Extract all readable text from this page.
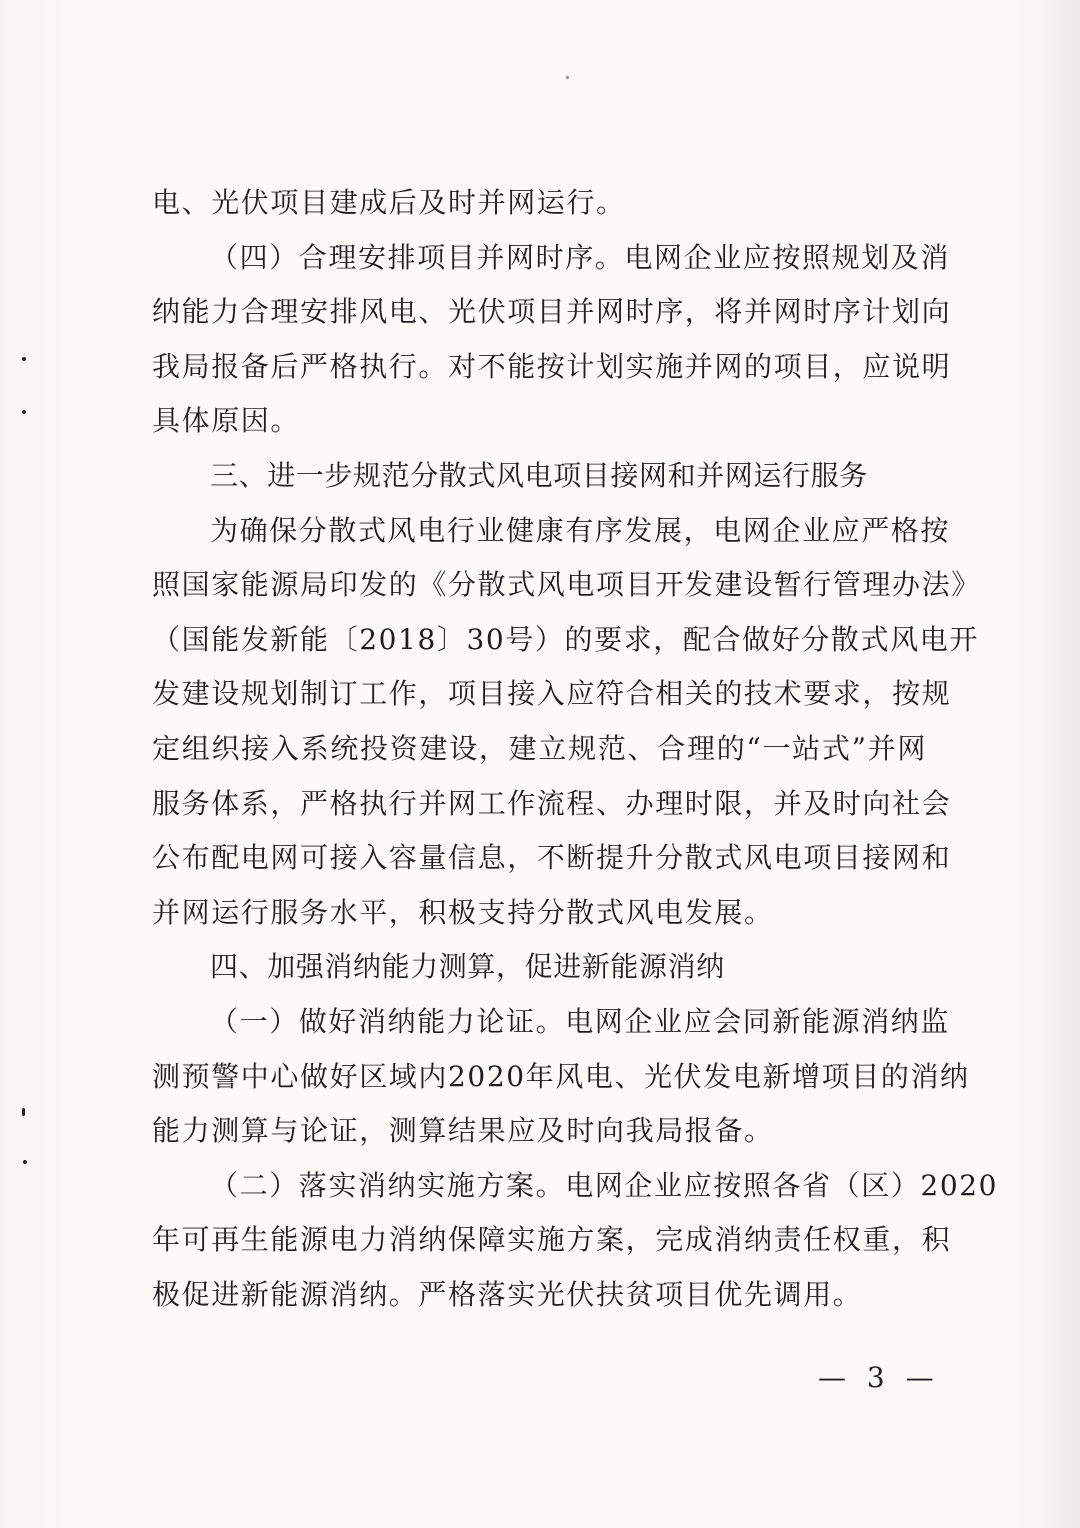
电、光伏项目建成后及时并网运行。
（四）合理安排项目并网时序。电网企业应按照规划及消
纳能力合理安排风电、光伏项目并网时序，将并网时序计划向
我局报备后严格执行。对不能按计划实施并网的项目，应说明
具体原因。
三、进一步规范分散式风电项目接网和并网运行服务
为确保分散式风电行业健康有序发展，电网企业应严格按
照国家能源局印发的《分散式风电项目开发建设暂行管理办法》
（国能发新能〔2018〕30号）的要求，配合做好分散式风电开
发建设规划制订工作，项目接入应符合相关的技术要求，按规
定组织接入系统投资建设，建立规范、合理的“一站式”并网
服务体系，严格执行并网工作流程、办理时限，并及时向社会
公布配电网可接入容量信息，不断提升分散式风电项目接网和
并网运行服务水平，积极支持分散式风电发展。
四、加强消纳能力测算，促进新能源消纳
（一）做好消纳能力论证。电网企业应会同新能源消纳监
测预警中心做好区域内2020年风电、光伏发电新增项目的消纳
能力测算与论证，测算结果应及时向我局报备。
（二）落实消纳实施方案。电网企业应按照各省（区）2020
年可再生能源电力消纳保障实施方案，完成消纳责任权重，积
极促进新能源消纳。严格落实光伏扶贫项目优先调用。
— 3 —
